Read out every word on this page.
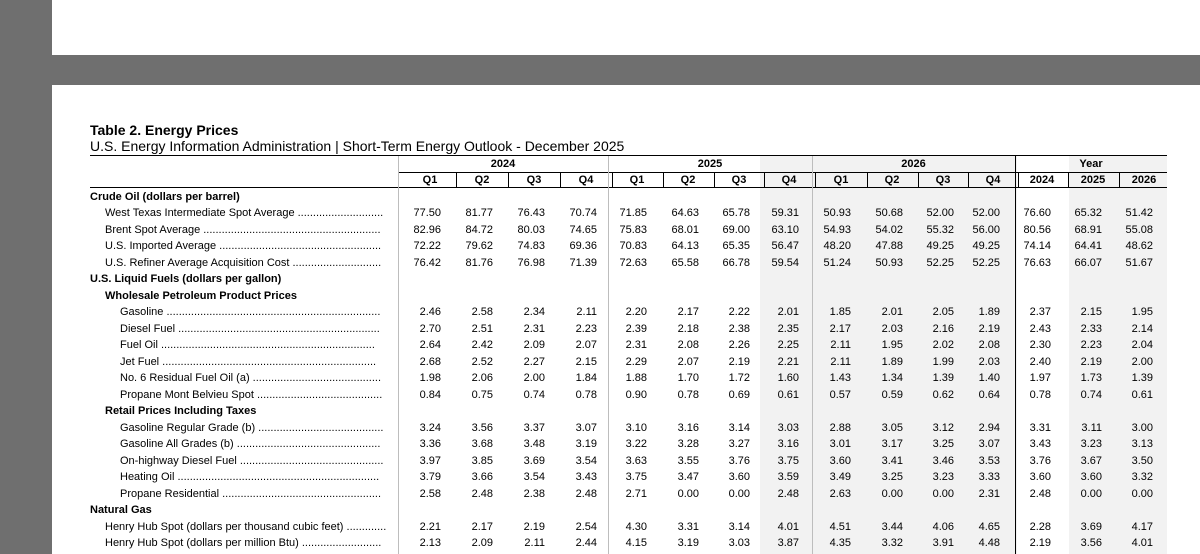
Table 2. Energy Prices
U.S. Energy Information Administration | Short-Term Energy Outlook - December 2025
2024	2025	2026	Year
Q1	Q2	Q3	Q4	Q1	Q2	Q3	Q4	Q1	Q2	Q3	Q4	2024	2025	2026
Crude Oil (dollars per barrel)
West Texas Intermediate Spot Average ............................	77.50	81.77	76.43	70.74	71.85	64.63	65.78	59.31	50.93	50.68	52.00	52.00	76.60	65.32	51.42
Brent Spot Average ..........................................................	82.96	84.72	80.03	74.65	75.83	68.01	69.00	63.10	54.93	54.02	55.32	56.00	80.56	68.91	55.08
U.S. Imported Average .....................................................	72.22	79.62	74.83	69.36	70.83	64.13	65.35	56.47	48.20	47.88	49.25	49.25	74.14	64.41	48.62
U.S. Refiner Average Acquisition Cost .............................	76.42	81.76	76.98	71.39	72.63	65.58	66.78	59.54	51.24	50.93	52.25	52.25	76.63	66.07	51.67
U.S. Liquid Fuels (dollars per gallon)
Wholesale Petroleum Product Prices
Gasoline ......................................................................	2.46	2.58	2.34	2.11	2.20	2.17	2.22	2.01	1.85	2.01	2.05	1.89	2.37	2.15	1.95
Diesel Fuel ..................................................................	2.70	2.51	2.31	2.23	2.39	2.18	2.38	2.35	2.17	2.03	2.16	2.19	2.43	2.33	2.14
Fuel Oil ......................................................................	2.64	2.42	2.09	2.07	2.31	2.08	2.26	2.25	2.11	1.95	2.02	2.08	2.30	2.23	2.04
Jet Fuel ......................................................................	2.68	2.52	2.27	2.15	2.29	2.07	2.19	2.21	2.11	1.89	1.99	2.03	2.40	2.19	2.00
No. 6 Residual Fuel Oil (a) ..........................................	1.98	2.06	2.00	1.84	1.88	1.70	1.72	1.60	1.43	1.34	1.39	1.40	1.97	1.73	1.39
Propane Mont Belvieu Spot .........................................	0.84	0.75	0.74	0.78	0.90	0.78	0.69	0.61	0.57	0.59	0.62	0.64	0.78	0.74	0.61
Retail Prices Including Taxes
Gasoline Regular Grade (b) .........................................	3.24	3.56	3.37	3.07	3.10	3.16	3.14	3.03	2.88	3.05	3.12	2.94	3.31	3.11	3.00
Gasoline All Grades (b) ...............................................	3.36	3.68	3.48	3.19	3.22	3.28	3.27	3.16	3.01	3.17	3.25	3.07	3.43	3.23	3.13
On-highway Diesel Fuel ...............................................	3.97	3.85	3.69	3.54	3.63	3.55	3.76	3.75	3.60	3.41	3.46	3.53	3.76	3.67	3.50
Heating Oil ..................................................................	3.79	3.66	3.54	3.43	3.75	3.47	3.60	3.59	3.49	3.25	3.23	3.33	3.60	3.60	3.32
Propane Residential ....................................................	2.58	2.48	2.38	2.48	2.71	0.00	0.00	2.48	2.63	0.00	0.00	2.31	2.48	0.00	0.00
Natural Gas
Henry Hub Spot (dollars per thousand cubic feet) .............	2.21	2.17	2.19	2.54	4.30	3.31	3.14	4.01	4.51	3.44	4.06	4.65	2.28	3.69	4.17
Henry Hub Spot (dollars per million Btu) ..........................	2.13	2.09	2.11	2.44	4.15	3.19	3.03	3.87	4.35	3.32	3.91	4.48	2.19	3.56	4.01
